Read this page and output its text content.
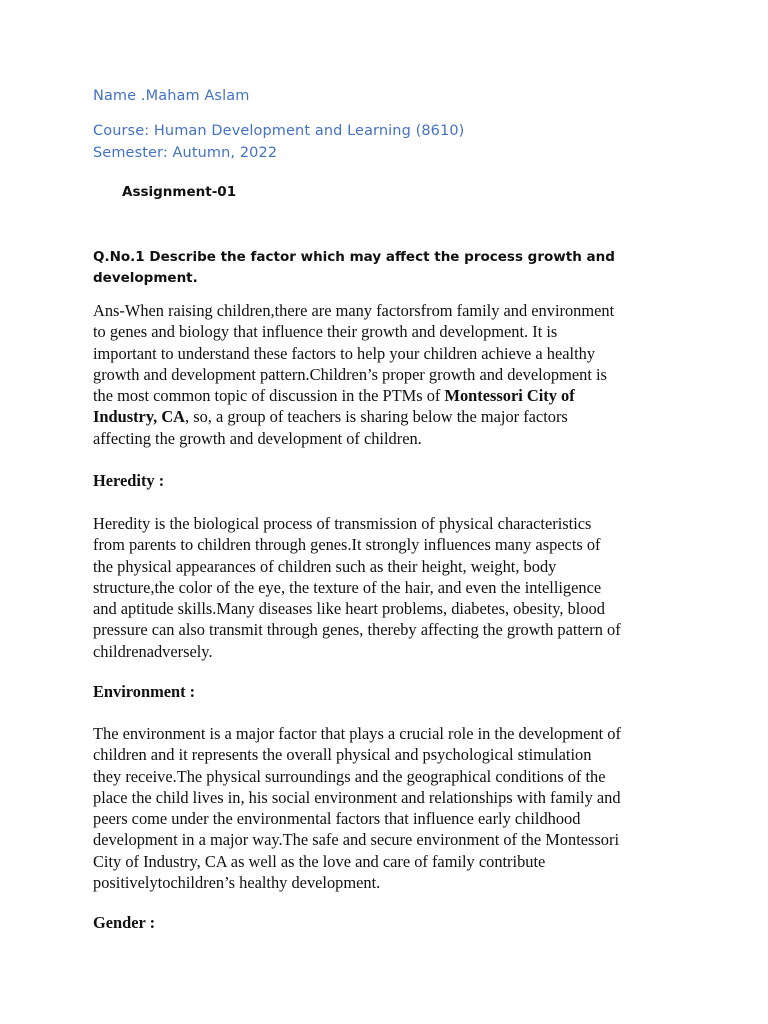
Name .Maham Aslam
Course: Human Development and Learning (8610)
Semester: Autumn, 2022
Assignment-01
Q.No.1 Describe the factor which may affect the process growth and
development.
Ans-When raising children,there are many factorsfrom family and environment
to genes and biology that influence their growth and development. It is
important to understand these factors to help your children achieve a healthy
growth and development pattern.Children’s proper growth and development is
the most common topic of discussion in the PTMs of Montessori City of
Industry, CA, so, a group of teachers is sharing below the major factors
affecting the growth and development of children.
Heredity :
Heredity is the biological process of transmission of physical characteristics
from parents to children through genes.It strongly influences many aspects of
the physical appearances of children such as their height, weight, body
structure,the color of the eye, the texture of the hair, and even the intelligence
and aptitude skills.Many diseases like heart problems, diabetes, obesity, blood
pressure can also transmit through genes, thereby affecting the growth pattern of
childrenadversely.
Environment :
The environment is a major factor that plays a crucial role in the development of
children and it represents the overall physical and psychological stimulation
they receive.The physical surroundings and the geographical conditions of the
place the child lives in, his social environment and relationships with family and
peers come under the environmental factors that influence early childhood
development in a major way.The safe and secure environment of the Montessori
City of Industry, CA as well as the love and care of family contribute
positivelytochildren’s healthy development.
Gender :
